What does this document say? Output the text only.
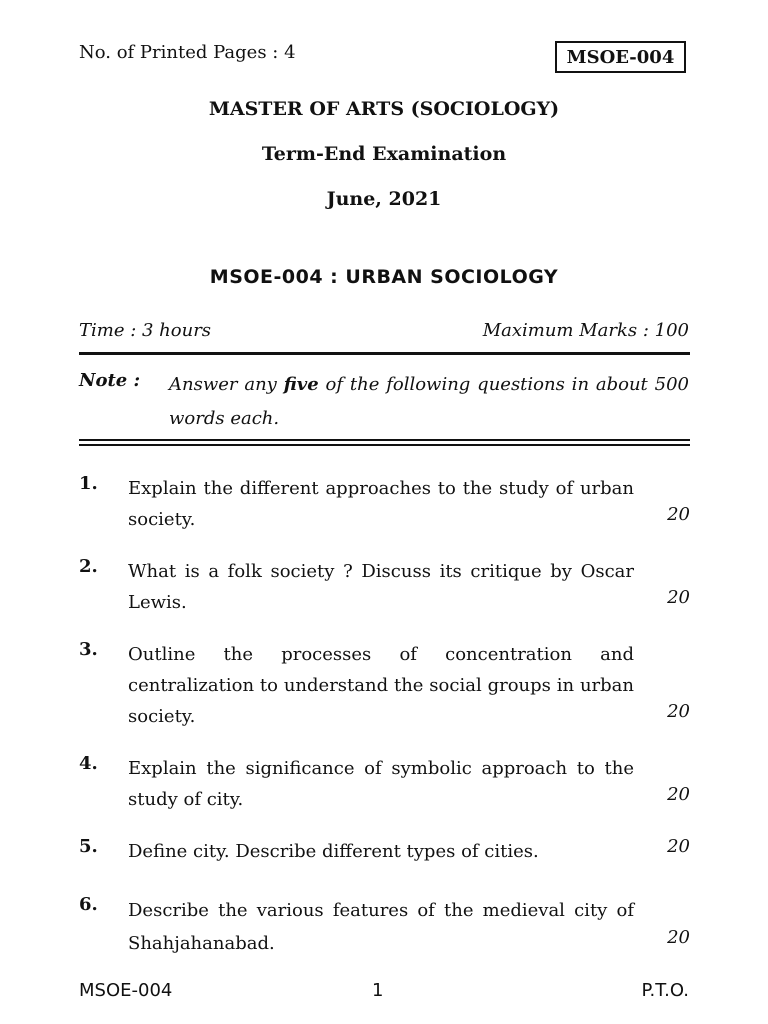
No. of Printed Pages : 4	MSOE-004
MASTER OF ARTS (SOCIOLOGY)
Term-End Examination
June, 2021
MSOE-004 : URBAN SOCIOLOGY
Time : 3 hours	Maximum Marks : 100
Note : Answer any five of the following questions in about 500 words each.
1. Explain the different approaches to the study of urban society.	20
2. What is a folk society ? Discuss its critique by Oscar Lewis.	20
3. Outline the processes of concentration and centralization to understand the social groups in urban society.	20
4. Explain the significance of symbolic approach to the study of city.	20
5. Define city. Describe different types of cities.	20
6. Describe the various features of the medieval city of Shahjahanabad.	20
MSOE-004	1	P.T.O.
